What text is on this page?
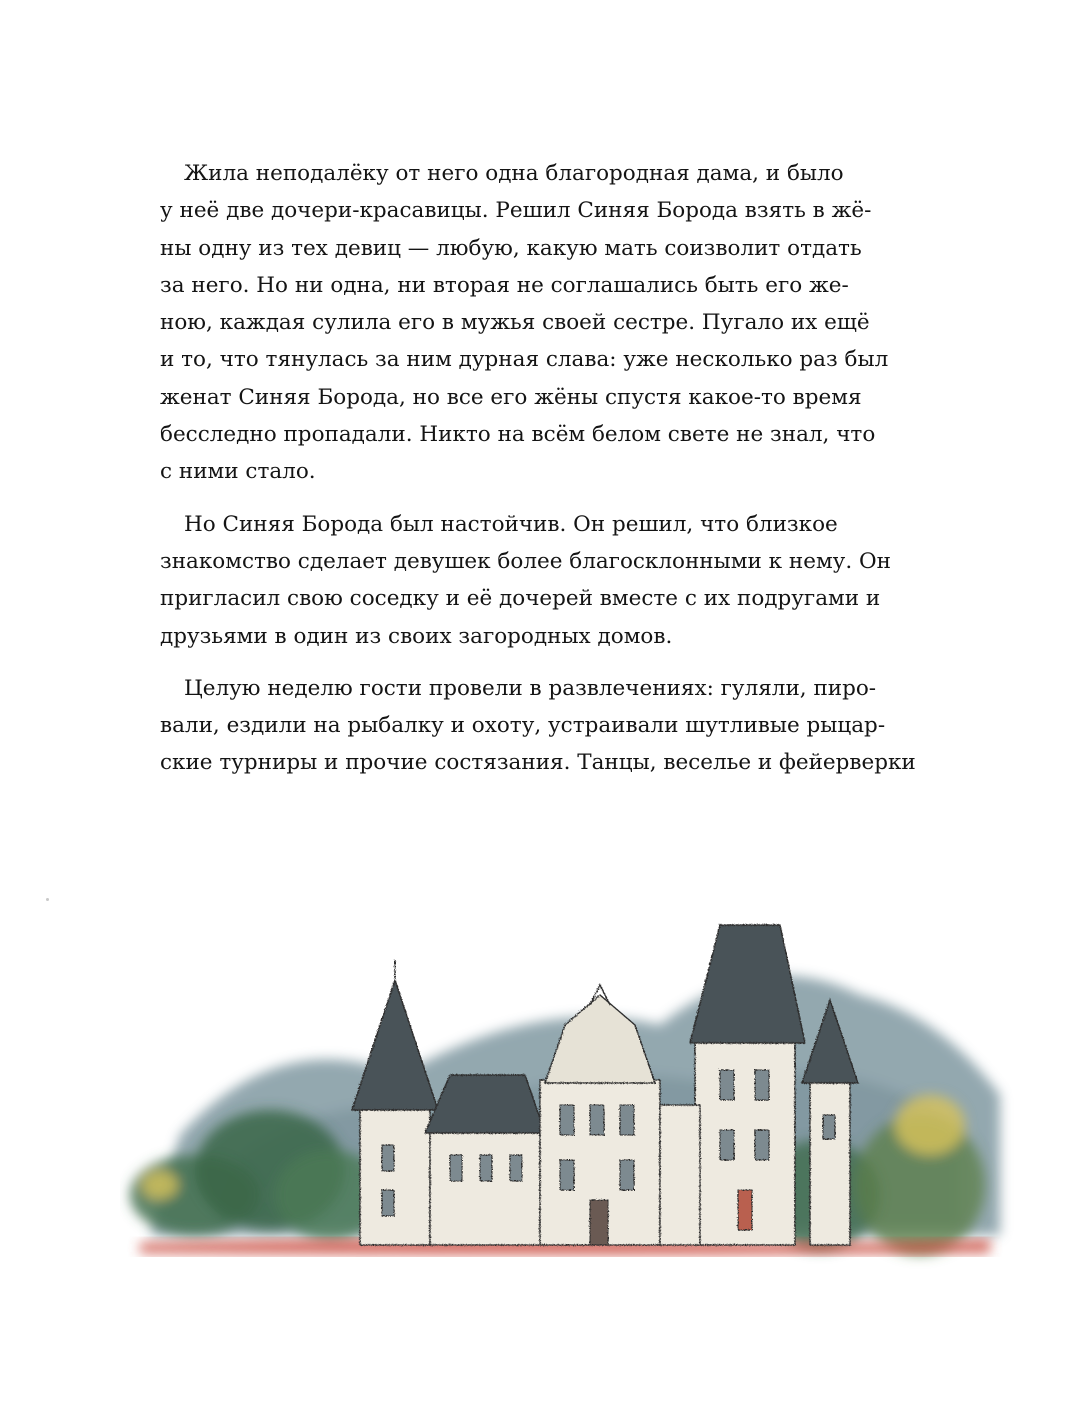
Жила неподалёку от него одна благородная дама, и было
у неё две дочери-красавицы. Решил Синяя Борода взять в жё-
ны одну из тех девиц — любую, какую мать соизволит отдать
за него. Но ни одна, ни вторая не соглашались быть его же-
ною, каждая сулила его в мужья своей сестре. Пугало их ещё
и то, что тянулась за ним дурная слава: уже несколько раз был
женат Синяя Борода, но все его жёны спустя какое-то время
бесследно пропадали. Никто на всём белом свете не знал, что
с ними стало.

Но Синяя Борода был настойчив. Он решил, что близкое
знакомство сделает девушек более благосклонными к нему. Он
пригласил свою соседку и её дочерей вместе с их подругами и
друзьями в один из своих загородных домов.

Целую неделю гости провели в развлечениях: гуляли, пиро-
вали, ездили на рыбалку и охоту, устраивали шутливые рыцар-
ские турниры и прочие состязания. Танцы, веселье и фейерверки
